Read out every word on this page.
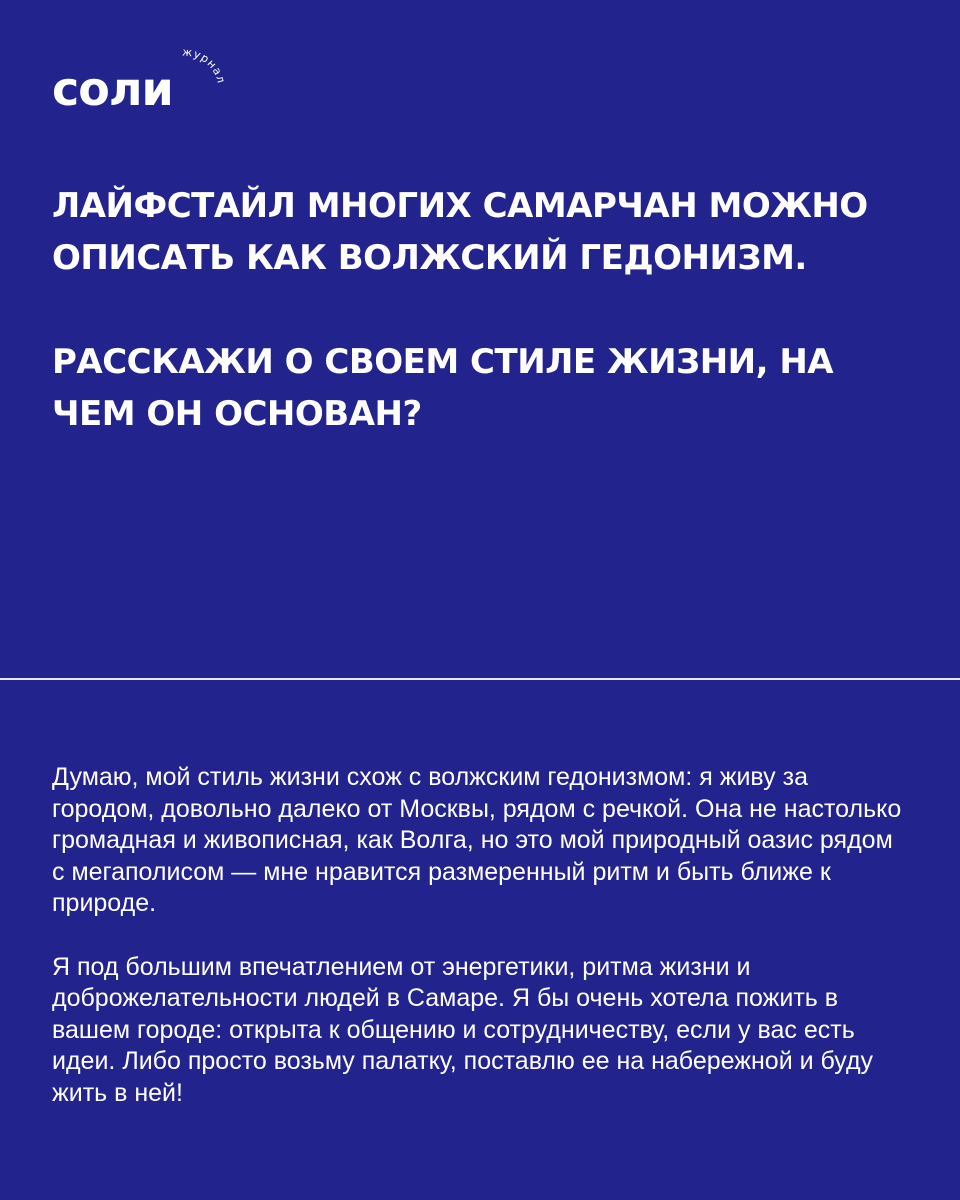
соли
журнал

ЛАЙФСТАЙЛ МНОГИХ САМАРЧАН МОЖНО ОПИСАТЬ КАК ВОЛЖСКИЙ ГЕДОНИЗМ.

РАССКАЖИ О СВОЕМ СТИЛЕ ЖИЗНИ, НА ЧЕМ ОН ОСНОВАН?

Думаю, мой стиль жизни схож с волжским гедонизмом: я живу за городом, довольно далеко от Москвы, рядом с речкой. Она не настолько громадная и живописная, как Волга, но это мой природный оазис рядом с мегаполисом — мне нравится размеренный ритм и быть ближе к природе.

Я под большим впечатлением от энергетики, ритма жизни и доброжелательности людей в Самаре. Я бы очень хотела пожить в вашем городе: открыта к общению и сотрудничеству, если у вас есть идеи. Либо просто возьму палатку, поставлю ее на набережной и буду жить в ней!
